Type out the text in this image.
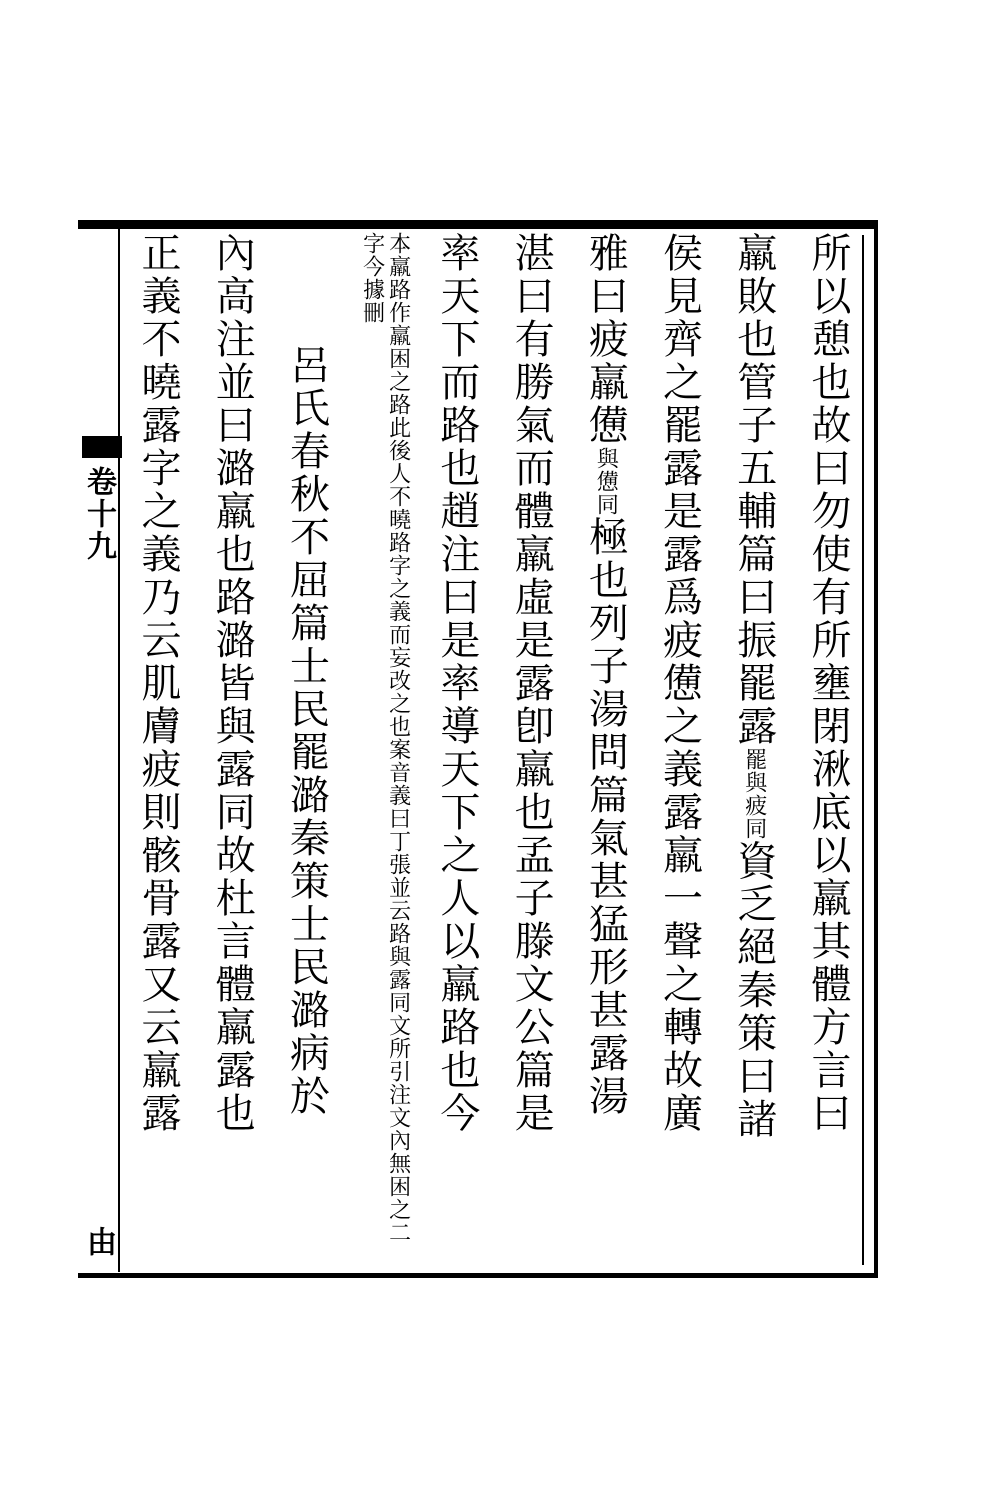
卷十九
由
所以憩也故曰勿使有所壅閉湫底以羸其體方言曰
羸敗也管子五輔篇曰振罷露罷與疲同資乏絕秦策曰諸
侯見齊之罷露是露爲疲憊之義露羸一聲之轉故廣
雅曰疲羸憊與憊同極也列子湯問篇氣甚猛形甚露湯
湛曰有勝氣而體羸虛是露卽羸也孟子滕文公篇是
率天下而路也趙注曰是率導天下之人以羸路也今
本羸路作羸困之路此後人不曉路字之義而妄改之也案音義曰丁張並云路與露同文所引注文內無困之二字今據刪
呂氏春秋不屈篇士民罷潞秦策士民潞病於
內高注並曰潞羸也路潞皆與露同故杜言體羸露也
正義不曉露字之義乃云肌膚疲則骸骨露又云羸露
